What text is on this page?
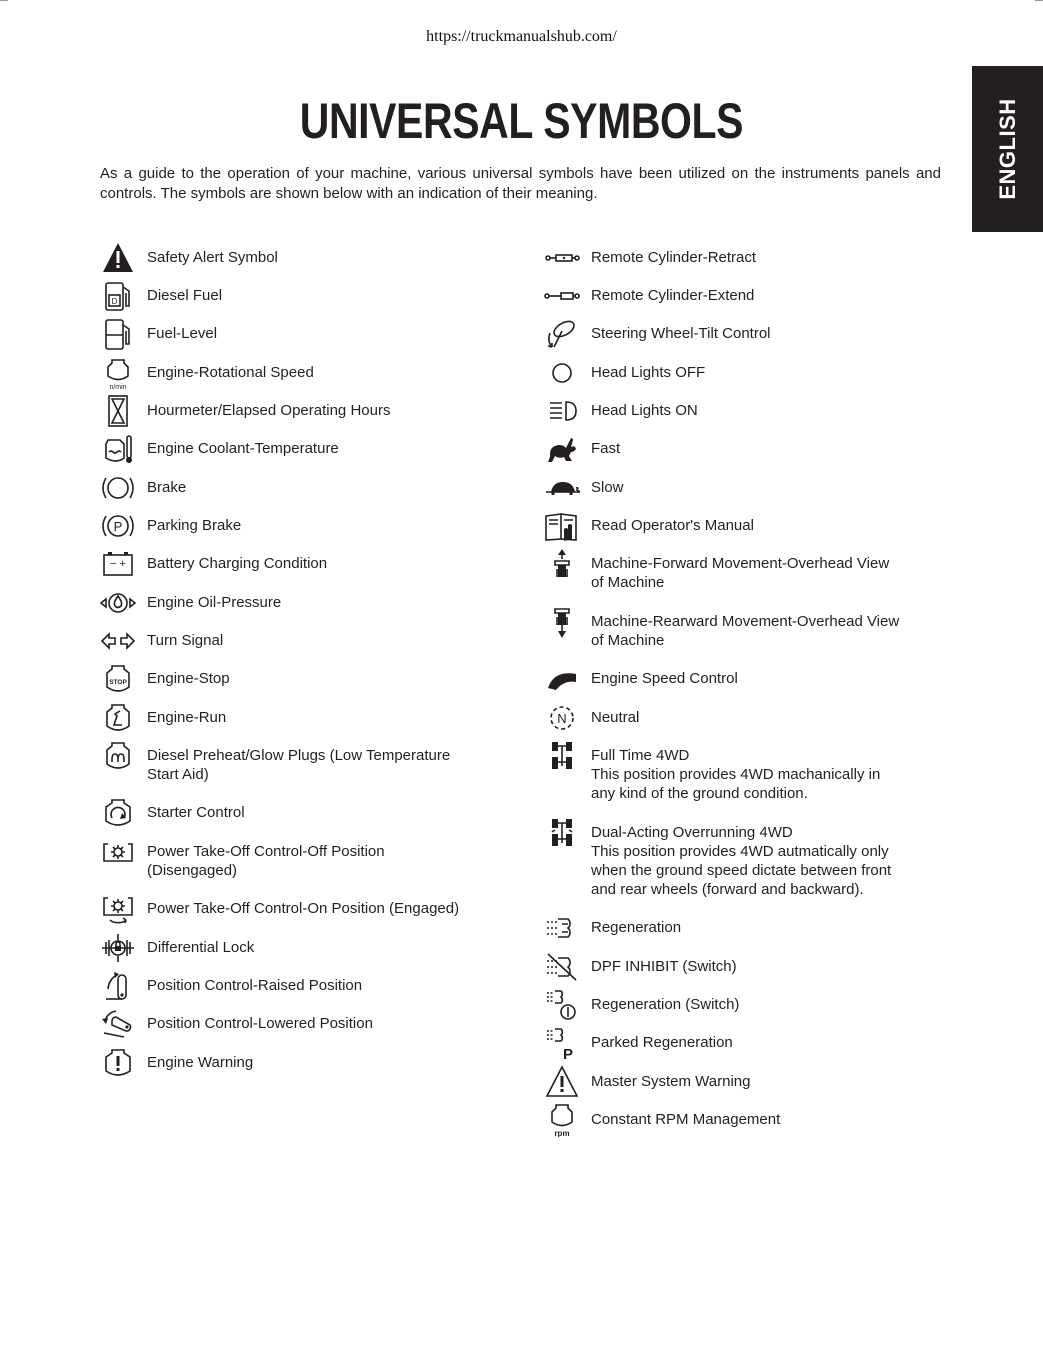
https://truckmanualshub.com/
ENGLISH
UNIVERSAL SYMBOLS

As a guide to the operation of your machine, various universal symbols have been utilized on the instruments panels and controls. The symbols are shown below with an indication of their meaning.

Safety Alert Symbol
D Diesel Fuel
Fuel-Level
n/min
Engine-Rotational Speed
Hourmeter/Elapsed Operating Hours
Engine Coolant-Temperature
Brake
P Parking Brake
− + Battery Charging Condition
Engine Oil-Pressure
Turn Signal
STOP Engine-Stop
Engine-Run
Diesel Preheat/Glow Plugs (Low Temperature
Start Aid)
Starter Control
Power Take-Off Control-Off Position
(Disengaged)
Power Take-Off Control-On Position (Engaged)
Differential Lock
Position Control-Raised Position
Position Control-Lowered Position
Engine Warning
Remote Cylinder-Retract
Remote Cylinder-Extend
Steering Wheel-Tilt Control
Head Lights OFF
Head Lights ON
Fast
Slow
Read Operator's Manual
Machine-Forward Movement-Overhead View
of Machine
Machine-Rearward Movement-Overhead View
of Machine
Engine Speed Control
N Neutral
Full Time 4WD
This position provides 4WD machanically in
any kind of the ground condition.
Dual-Acting Overrunning 4WD
This position provides 4WD autmatically only
when the ground speed dictate between front
and rear wheels (forward and backward).
Regeneration
DPF INHIBIT (Switch)
Regeneration (Switch)
P
Parked Regeneration
Master System Warning
rpm
Constant RPM Management
